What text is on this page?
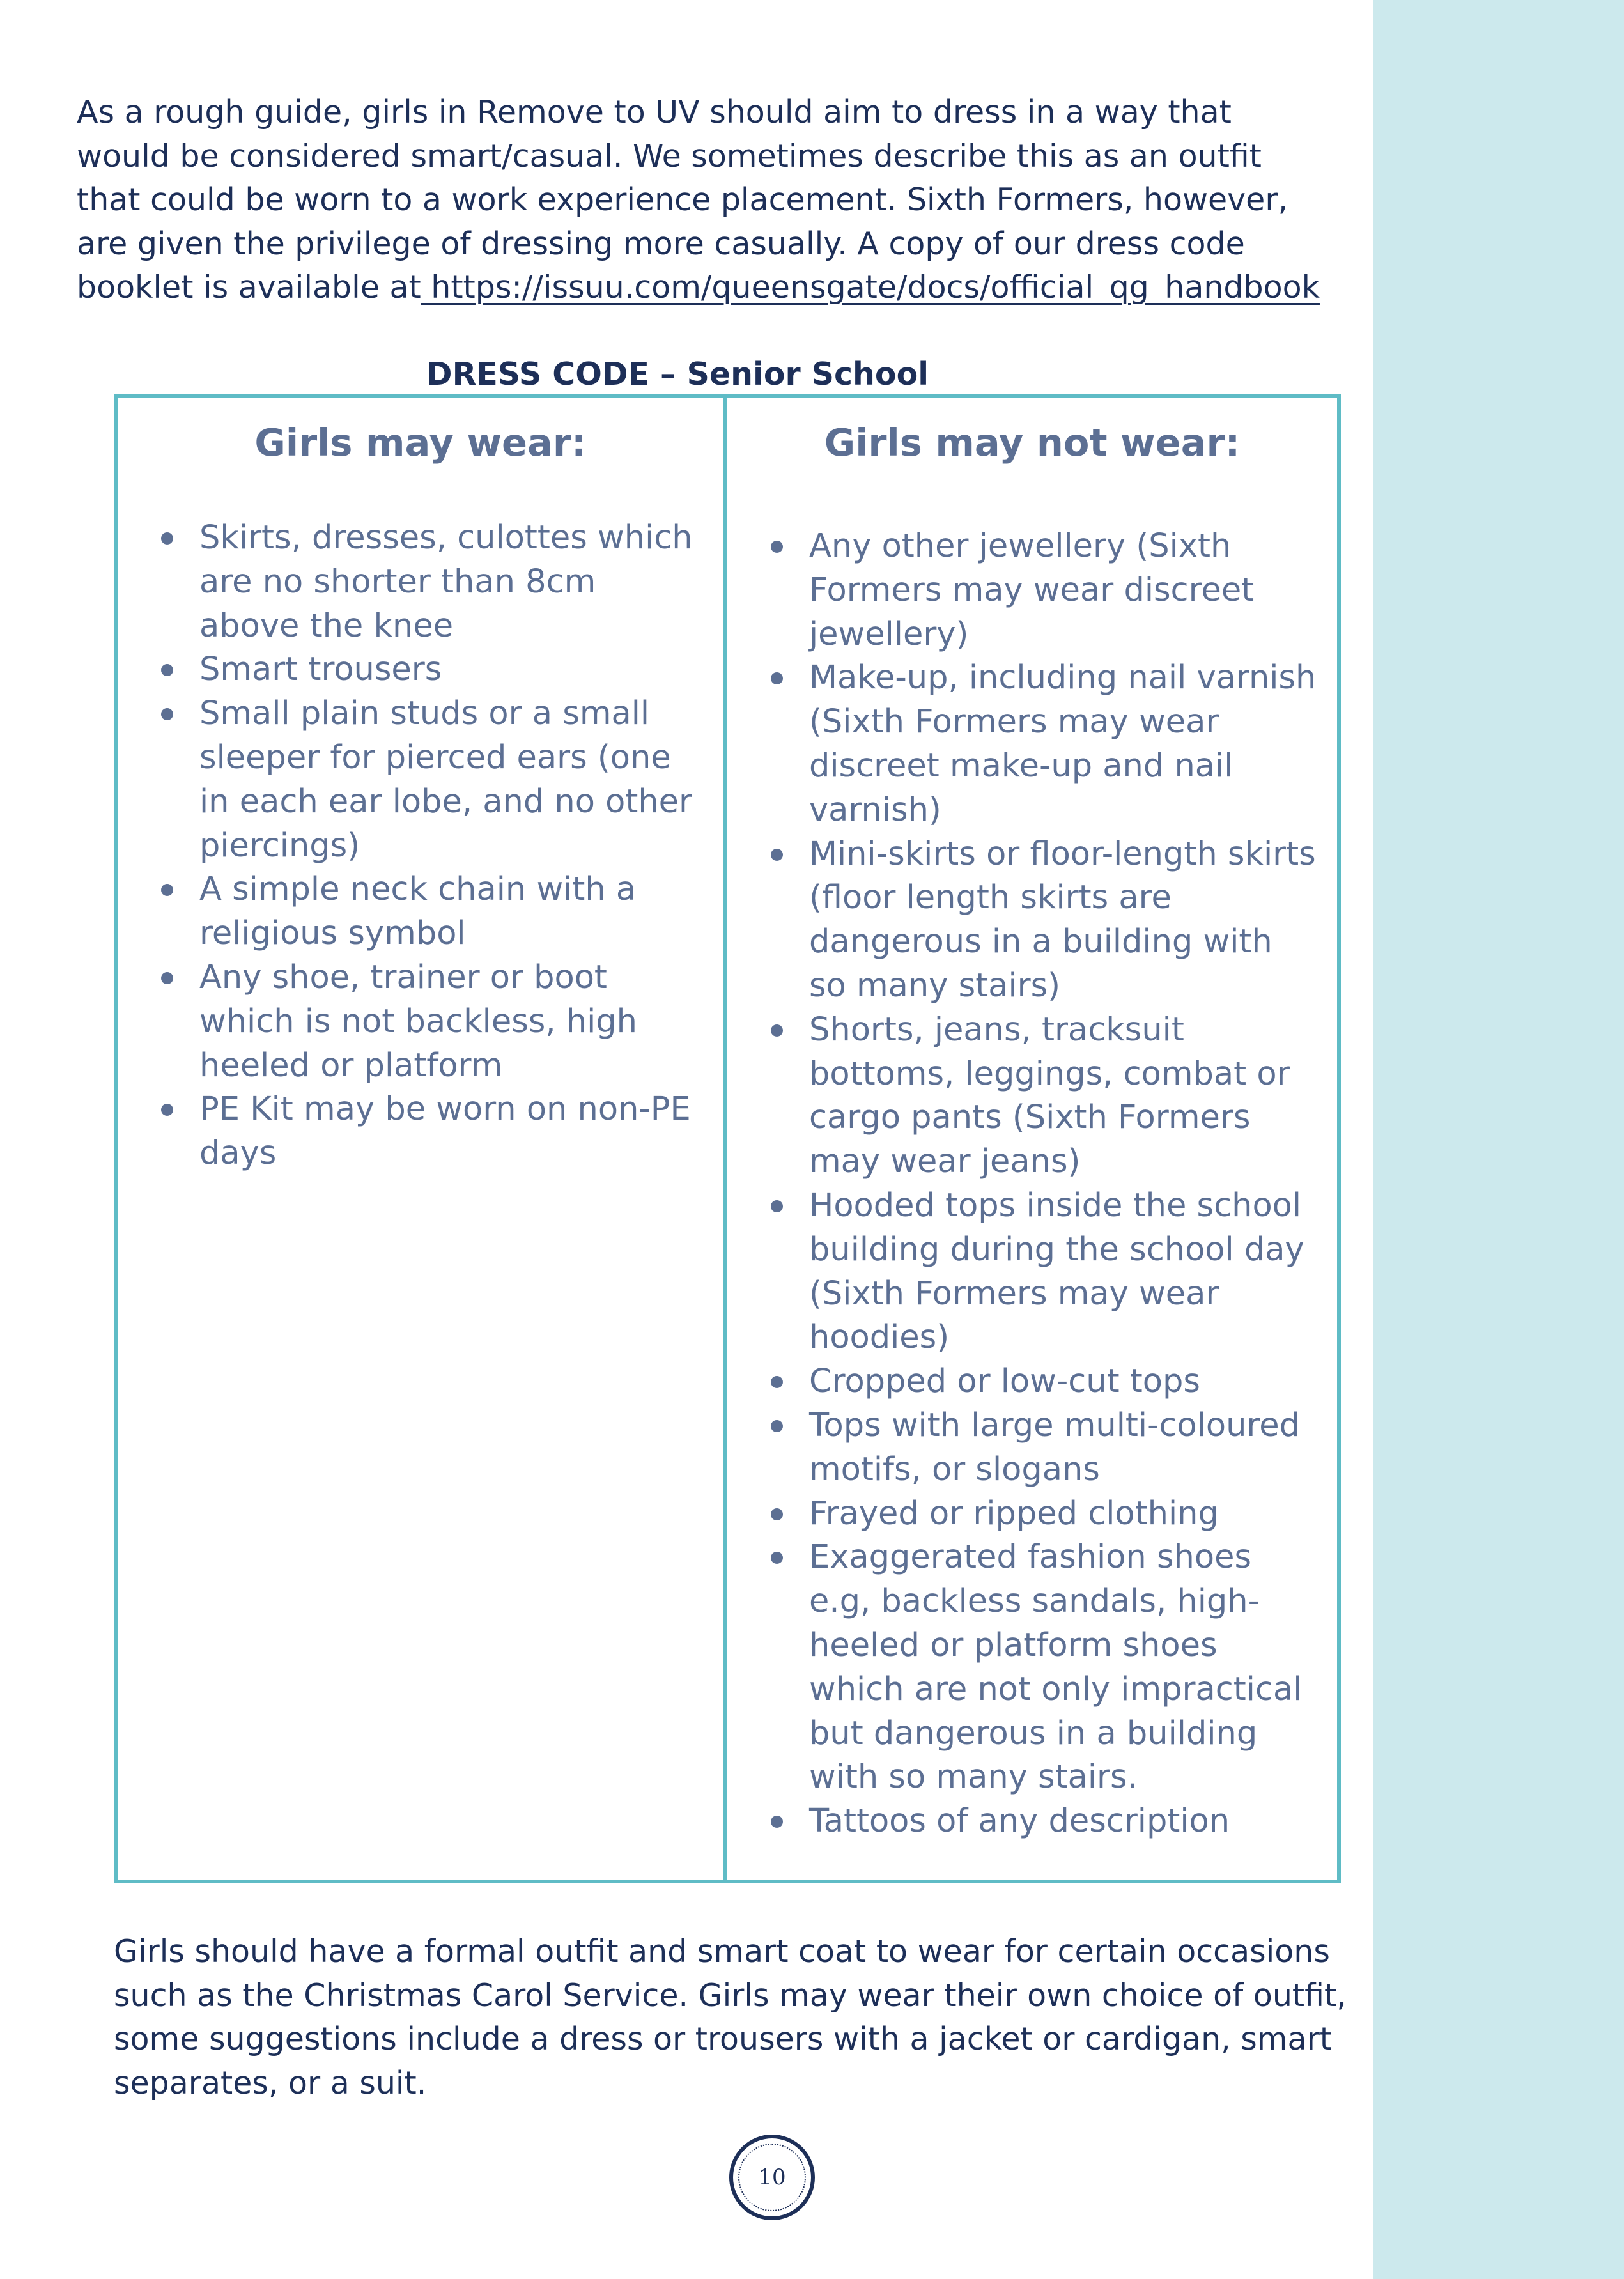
As a rough guide, girls in Remove to UV should aim to dress in a way that would be considered smart/casual. We sometimes describe this as an outfit that could be worn to a work experience placement. Sixth Formers, however, are given the privilege of dressing more casually. A copy of our dress code booklet is available at https://issuu.com/queensgate/docs/official_qg_handbook

DRESS CODE – Senior School

Girls may wear:

Skirts, dresses, culottes which are no shorter than 8cm above the knee
Smart trousers
Small plain studs or a small sleeper for pierced ears (one in each ear lobe, and no other piercings)
A simple neck chain with a religious symbol
Any shoe, trainer or boot which is not backless, high heeled or platform
PE Kit may be worn on non-PE days

Girls may not wear:

Any other jewellery (Sixth Formers may wear discreet jewellery)
Make-up, including nail varnish (Sixth Formers may wear discreet make-up and nail varnish)
Mini-skirts or floor-length skirts (floor length skirts are dangerous in a building with so many stairs)
Shorts, jeans, tracksuit bottoms, leggings, combat or cargo pants (Sixth Formers may wear jeans)
Hooded tops inside the school building during the school day (Sixth Formers may wear hoodies)
Cropped or low-cut tops
Tops with large multi-coloured motifs, or slogans
Frayed or ripped clothing
Exaggerated fashion shoes e.g, backless sandals, high-heeled or platform shoes which are not only impractical but dangerous in a building with so many stairs.
Tattoos of any description

Girls should have a formal outfit and smart coat to wear for certain occasions such as the Christmas Carol Service. Girls may wear their own choice of outfit, some suggestions include a dress or trousers with a jacket or cardigan, smart separates, or a suit.

10
